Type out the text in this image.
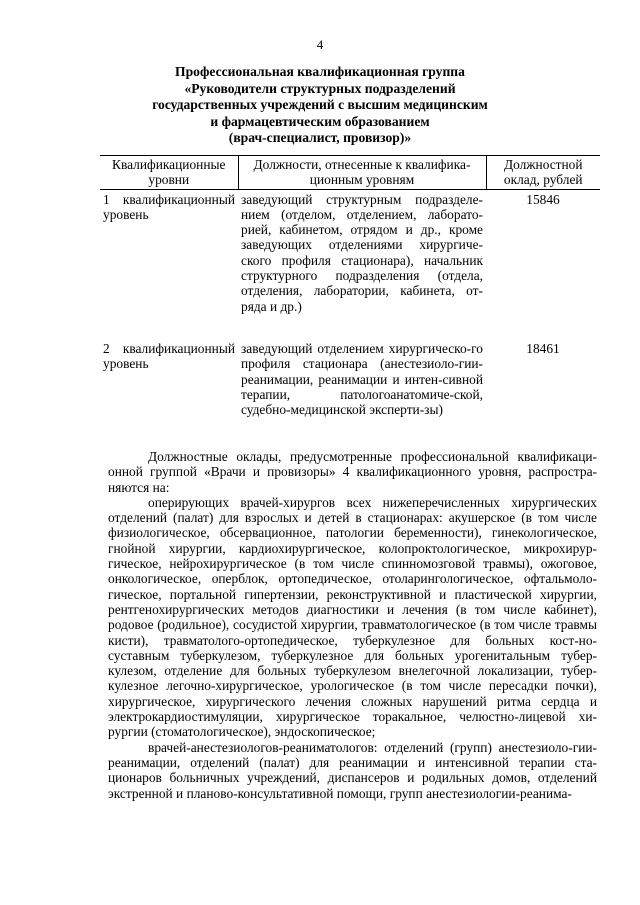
4
Профессиональная квалификационная группа
«Руководители структурных подразделений
государственных учреждений с высшим медицинским
и фармацевтическим образованием
(врач-специалист, провизор)»
Квалификационные уровни	Должности, отнесенные к квалифика-ционным уровням	Должностной оклад, рублей
1 квалификационный уровень	заведующий структурным подразделе-нием (отделом, отделением, лаборато-рией, кабинетом, отрядом и др., кроме заведующих отделениями хирургиче-ского профиля стационара), начальник структурного подразделения (отдела, отделения, лаборатории, кабинета, от-ряда и др.)	15846

2 квалификационный уровень	заведующий отделением хирургическо-го профиля стационара (анестезиоло-гии-реанимации, реанимации и интен-сивной терапии, патологоанатомиче-ской, судебно-медицинской эксперти-зы)	18461

Должностные оклады, предусмотренные профессиональной квалификаци-онной группой «Врачи и провизоры» 4 квалификационного уровня, распростра-няются на:

оперирующих врачей-хирургов всех нижеперечисленных хирургических отделений (палат) для взрослых и детей в стационарах: акушерское (в том числе физиологическое, обсервационное, патологии беременности), гинекологическое, гнойной хирургии, кардиохирургическое, колопроктологическое, микрохирур-гическое, нейрохирургическое (в том числе спинномозговой травмы), ожоговое, онкологическое, оперблок, ортопедическое, отоларингологическое, офтальмоло-гическое, портальной гипертензии, реконструктивной и пластической хирургии, рентгенохирургических методов диагностики и лечения (в том числе кабинет), родовое (родильное), сосудистой хирургии, травматологическое (в том числе травмы кисти), травматолого-ортопедическое, туберкулезное для больных кост-но-суставным туберкулезом, туберкулезное для больных урогенитальным тубер-кулезом, отделение для больных туберкулезом внелегочной локализации, тубер-кулезное легочно-хирургическое, урологическое (в том числе пересадки почки), хирургическое, хирургического лечения сложных нарушений ритма сердца и электрокардиостимуляции, хирургическое торакальное, челюстно-лицевой хи-рургии (стоматологическое), эндоскопическое;

врачей-анестезиологов-реаниматологов: отделений (групп) анестезиоло-гии-реанимации, отделений (палат) для реанимации и интенсивной терапии ста-ционаров больничных учреждений, диспансеров и родильных домов, отделений экстренной и планово-консультативной помощи, групп анестезиологии-реанима-
